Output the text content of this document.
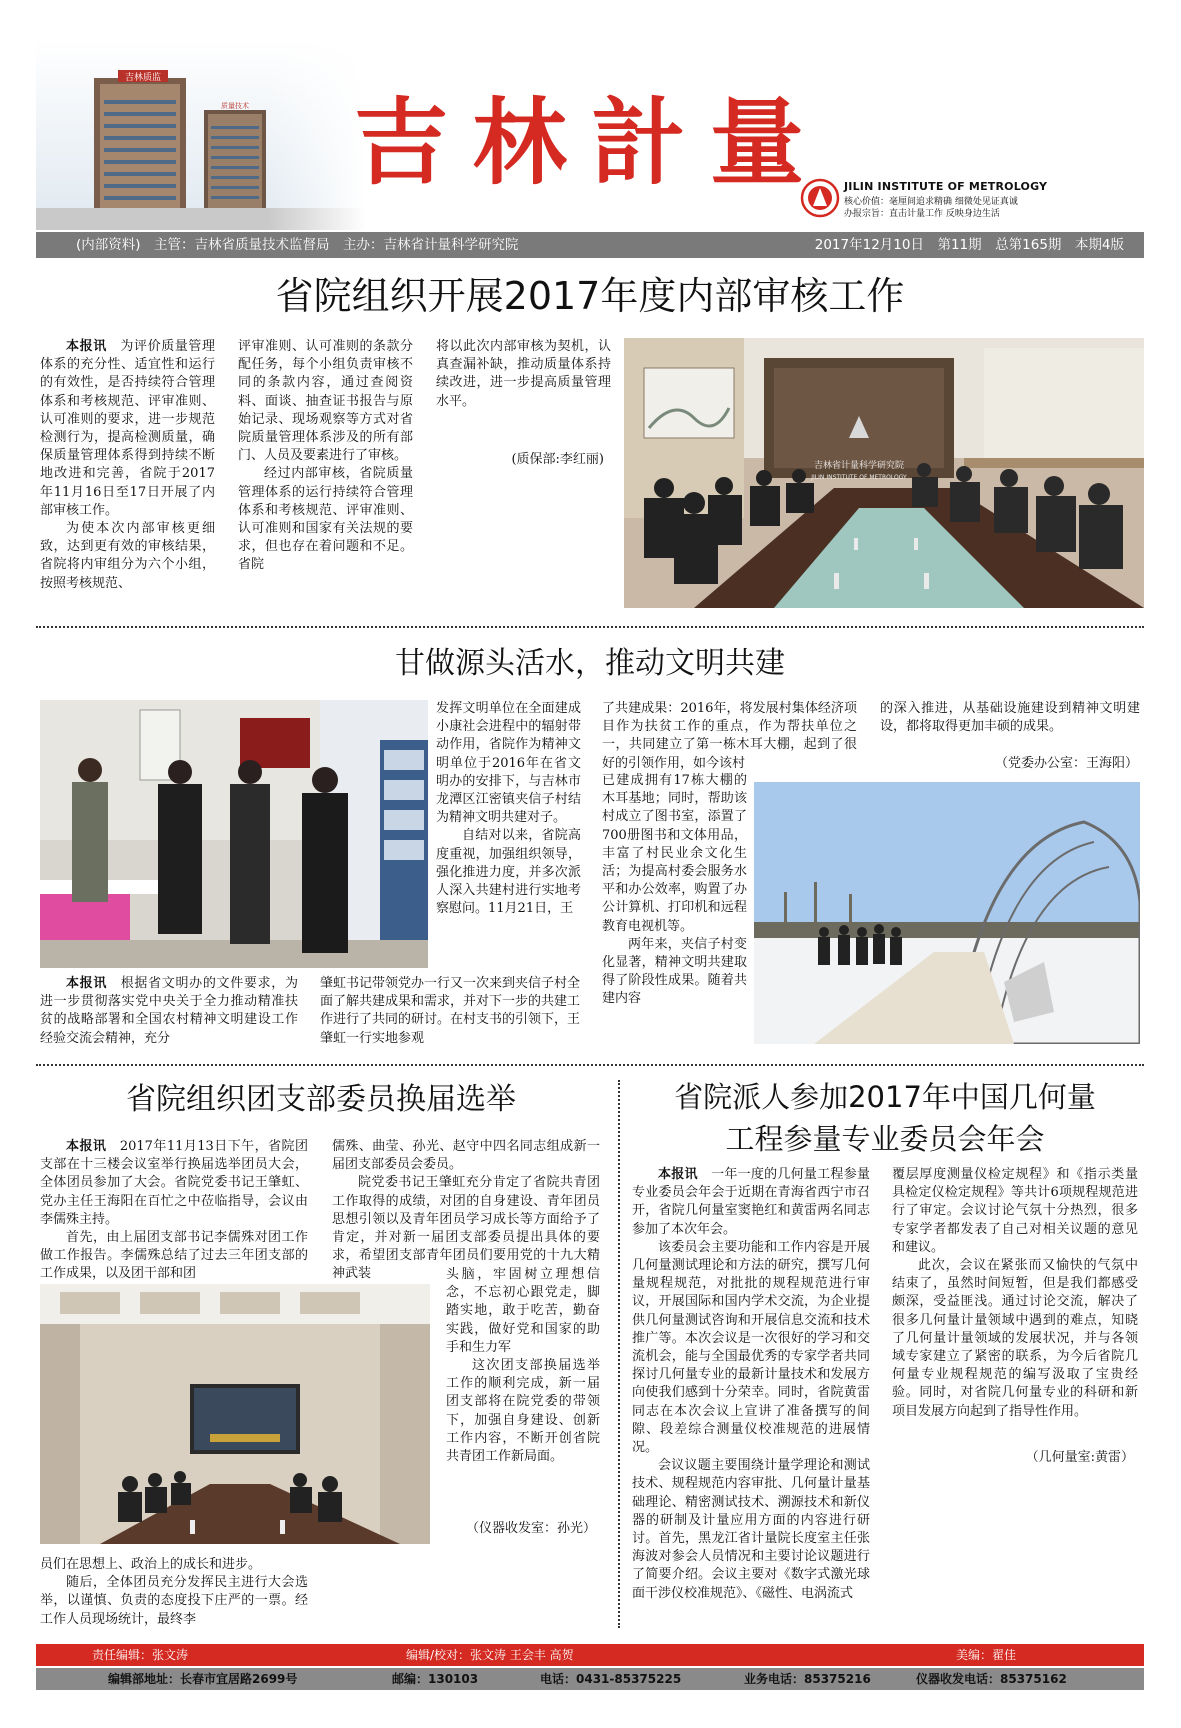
吉 林 計 量	JILIN INSTITUTE OF METROLOGY
核心价值：毫厘间追求精确 细微处见证真诚
办报宗旨：直击计量工作 反映身边生活
(内部资料)　主管：吉林省质量技术监督局　主办：吉林省计量科学研究院	2017年12月10日　第11期　总第165期　本期4版
省院组织开展2017年度内部审核工作

本报讯　 为评价质量管理体系的充分性、适宜性和运行的有效性，是否持续符合管理体系和考核规范、评审准则、认可准则的要求，进一步规范检测行为，提高检测质量，确保质量管理体系得到持续不断地改进和完善，省院于2017年11月16日至17日开展了内部审核工作。

为使本次内部审核更细致，达到更有效的审核结果，省院将内审组分为六个小组，按照考核规范、

评审准则、认可准则的条款分配任务，每个小组负责审核不同的条款内容，通过查阅资料、面谈、抽查证书报告与原始记录、现场观察等方式对省院质量管理体系涉及的所有部门、人员及要素进行了审核。

经过内部审核，省院质量管理体系的运行持续符合管理体系和考核规范、评审准则、认可准则和国家有关法规的要求，但也存在着问题和不足。省院

将以此次内部审核为契机，认真查漏补缺，推动质量体系持续改进，进一步提高质量管理水平。

(质保部:李红丽)	吉林省计量科学研究院
JILIN INSTITUTE OF METROLOGY
甘做源头活水，推动文明共建

发挥文明单位在全面建成小康社会进程中的辐射带动作用，省院作为精神文明单位于2016年在省文明办的安排下，与吉林市龙潭区江密镇夹信子村结为精神文明共建对子。

自结对以来，省院高度重视，加强组织领导，强化推进力度，并多次派人深入共建村进行实地考察慰问。11月21日，王

了共建成果：2016年，将发展村集体经济项目作为扶贫工作的重点，作为帮扶单位之一，共同建立了第一栋木耳大棚，起到了很好的引领作用，如今该村

已建成拥有17栋大棚的木耳基地；同时，帮助该村成立了图书室，添置了700册图书和文体用品，丰富了村民业余文化生活；为提高村委会服务水平和办公效率，购置了办公计算机、打印机和远程教育电视机等。

两年来，夹信子村变化显著，精神文明共建取得了阶段性成果。随着共建内容

的深入推进，从基础设施建设到精神文明建设，都将取得更加丰硕的成果。

（党委办公室：王海阳）

本报讯　 根据省文明办的文件要求，为进一步贯彻落实党中央关于全力推动精准扶贫的战略部署和全国农村精神文明建设工作经验交流会精神，充分

肇虹书记带领党办一行又一次来到夹信子村全面了解共建成果和需求，并对下一步的共建工作进行了共同的研讨。在村支书的引领下，王肇虹一行实地参观

省院组织团支部委员换届选举

本报讯　 2017年11月13日下午，省院团支部在十三楼会议室举行换届选举团员大会，全体团员参加了大会。省院党委书记王肇虹、党办主任王海阳在百忙之中莅临指导，会议由李儒殊主持。

首先，由上届团支部书记李儒殊对团工作做工作报告。李儒殊总结了过去三年团支部的工作成果，以及团干部和团

儒殊、曲莹、孙光、赵守中四名同志组成新一届团支部委员会委员。

院党委书记王肇虹充分肯定了省院共青团工作取得的成绩，对团的自身建设、青年团员思想引领以及青年团员学习成长等方面给予了肯定，并对新一届团支部委员提出具体的要求，希望团支部青年团员们要用党的十九大精神武装	头脑，牢固树立理想信念，不忘初心跟党走，脚踏实地，敢于吃苦，勤奋实践，做好党和国家的助手和生力军

这次团支部换届选举工作的顺利完成，新一届团支部将在院党委的带领下，加强自身建设、创新工作内容，不断开创省院共青团工作新局面。

（仪器收发室：孙光）

员们在思想上、政治上的成长和进步。

随后，全体团员充分发挥民主进行大会选举，以谨慎、负责的态度投下庄严的一票。经工作人员现场统计，最终李

省院派人参加2017年中国几何量
工程参量专业委员会年会

本报讯　 一年一度的几何量工程参量专业委员会年会于近期在青海省西宁市召开，省院几何量室窦艳红和黄雷两名同志参加了本次年会。

该委员会主要功能和工作内容是开展几何量测试理论和方法的研究，撰写几何量规程规范，对批批的规程规范进行审议，开展国际和国内学术交流，为企业提供几何量测试咨询和开展信息交流和技术推广等。本次会议是一次很好的学习和交流机会，能与全国最优秀的专家学者共同探讨几何量专业的最新计量技术和发展方向使我们感到十分荣幸。同时，省院黄雷同志在本次会议上宣讲了准备撰写的间隙、段差综合测量仪校准规范的进展情况。

会议议题主要围绕计量学理论和测试技术、规程规范内容审批、几何量计量基础理论、精密测试技术、溯源技术和新仪器的研制及计量应用方面的内容进行研讨。首先，黑龙江省计量院长度室主任张海波对参会人员情况和主要讨论议题进行了简要介绍。会议主要对《数字式激光球面干涉仪校准规范》、《磁性、电涡流式

覆层厚度测量仪检定规程》和《指示类量具检定仪检定规程》等共计6项规程规范进行了审定。会议讨论气氛十分热烈，很多专家学者都发表了自己对相关议题的意见和建议。

此次，会议在紧张而又愉快的气氛中结束了，虽然时间短暂，但是我们都感受颇深，受益匪浅。通过讨论交流，解决了很多几何量计量领域中遇到的难点，知晓了几何量计量领域的发展状况，并与各领域专家建立了紧密的联系，为今后省院几何量专业规程规范的编写汲取了宝贵经验。同时，对省院几何量专业的科研和新项目发展方向起到了指导性作用。

（几何量室:黄雷）
责任编辑：张文涛	编辑/校对：张文涛 王会丰 高贺	美编：翟佳
编辑部地址：长春市宜居路2699号	邮编：130103	电话：0431-85375225	业务电话：85375216	仪器收发电话：85375162
